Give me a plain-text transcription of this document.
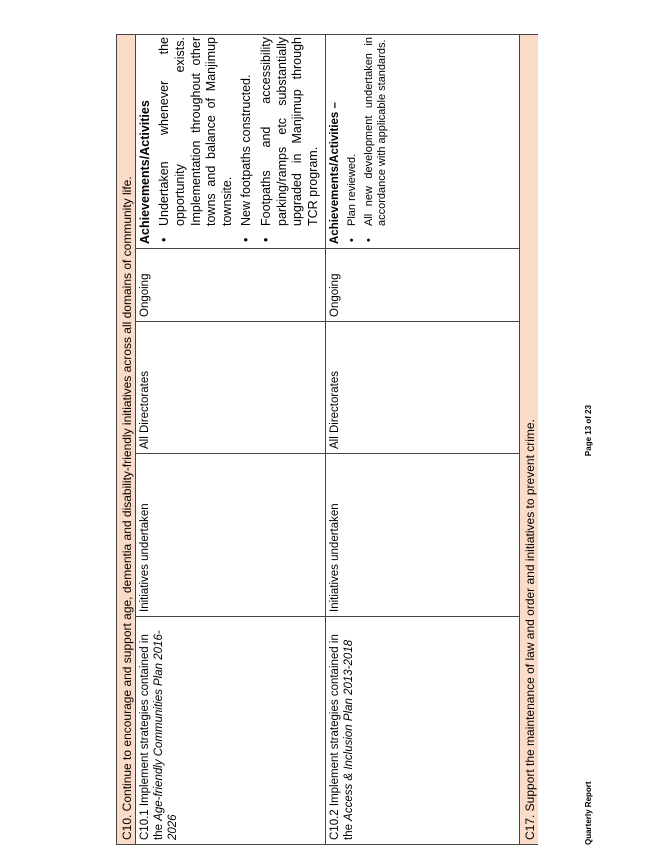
C10. Continue to encourage and support age, dementia and disability-friendly initiatives across all domains of community life. C10.1 Implement strategies contained in the Age-friendly Communities Plan 2016-2026
Initiatives undertaken
All Directorates
Ongoing
Achievements/Activities •
Undertaken whenever the opportunity exists. Implementation throughout other towns and balance of Manjimup townsite.
•
New footpaths constructed.
•
Footpaths and accessibility parking/ramps etc substantially upgraded in Manjimup through TCR program.
C10.2 Implement strategies contained in the Access & Inclusion Plan 2013-2018
Initiatives undertaken
All Directorates
Ongoing
Achievements/Activities – •
Plan reviewed.
•
All new development undertaken in accordance with applicable standards.
C17. Support the maintenance of law and order and initiatives to prevent crime.	Quarterly Report
Page 13 of 23
